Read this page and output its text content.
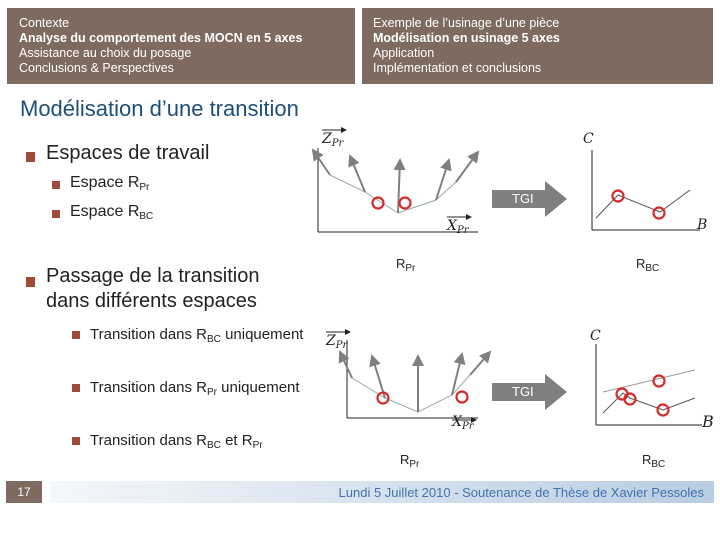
Contexte
Analyse du comportement des MOCN en 5 axes
Assistance au choix du posage
Conclusions & Perspectives
Exemple de l’usinage d’une pièce
Modélisation en usinage 5 axes
Application
Implémentation et conclusions
Modélisation d’une transition
Espaces de travail
Espace $R_{Pr}$
Espace $R_{BC}$
Passage de la transition
dans différents espaces
Transition dans $R_{BC}$ uniquement
Transition dans $R_{Pr}$ uniquement
Transition dans $R_{BC}$ et $R_{Pr}$
TGI
TGI
$Z_{Pr}$
$X_{Pr}$
C
B
$Z_{Pr}$
$X_{Pr}$
C
B
$R_{Pr}$	$R_{BC}$
$R_{Pr}$	$R_{BC}$
17	Lundi 5 Juillet 2010 - Soutenance de Thèse de Xavier Pessoles
